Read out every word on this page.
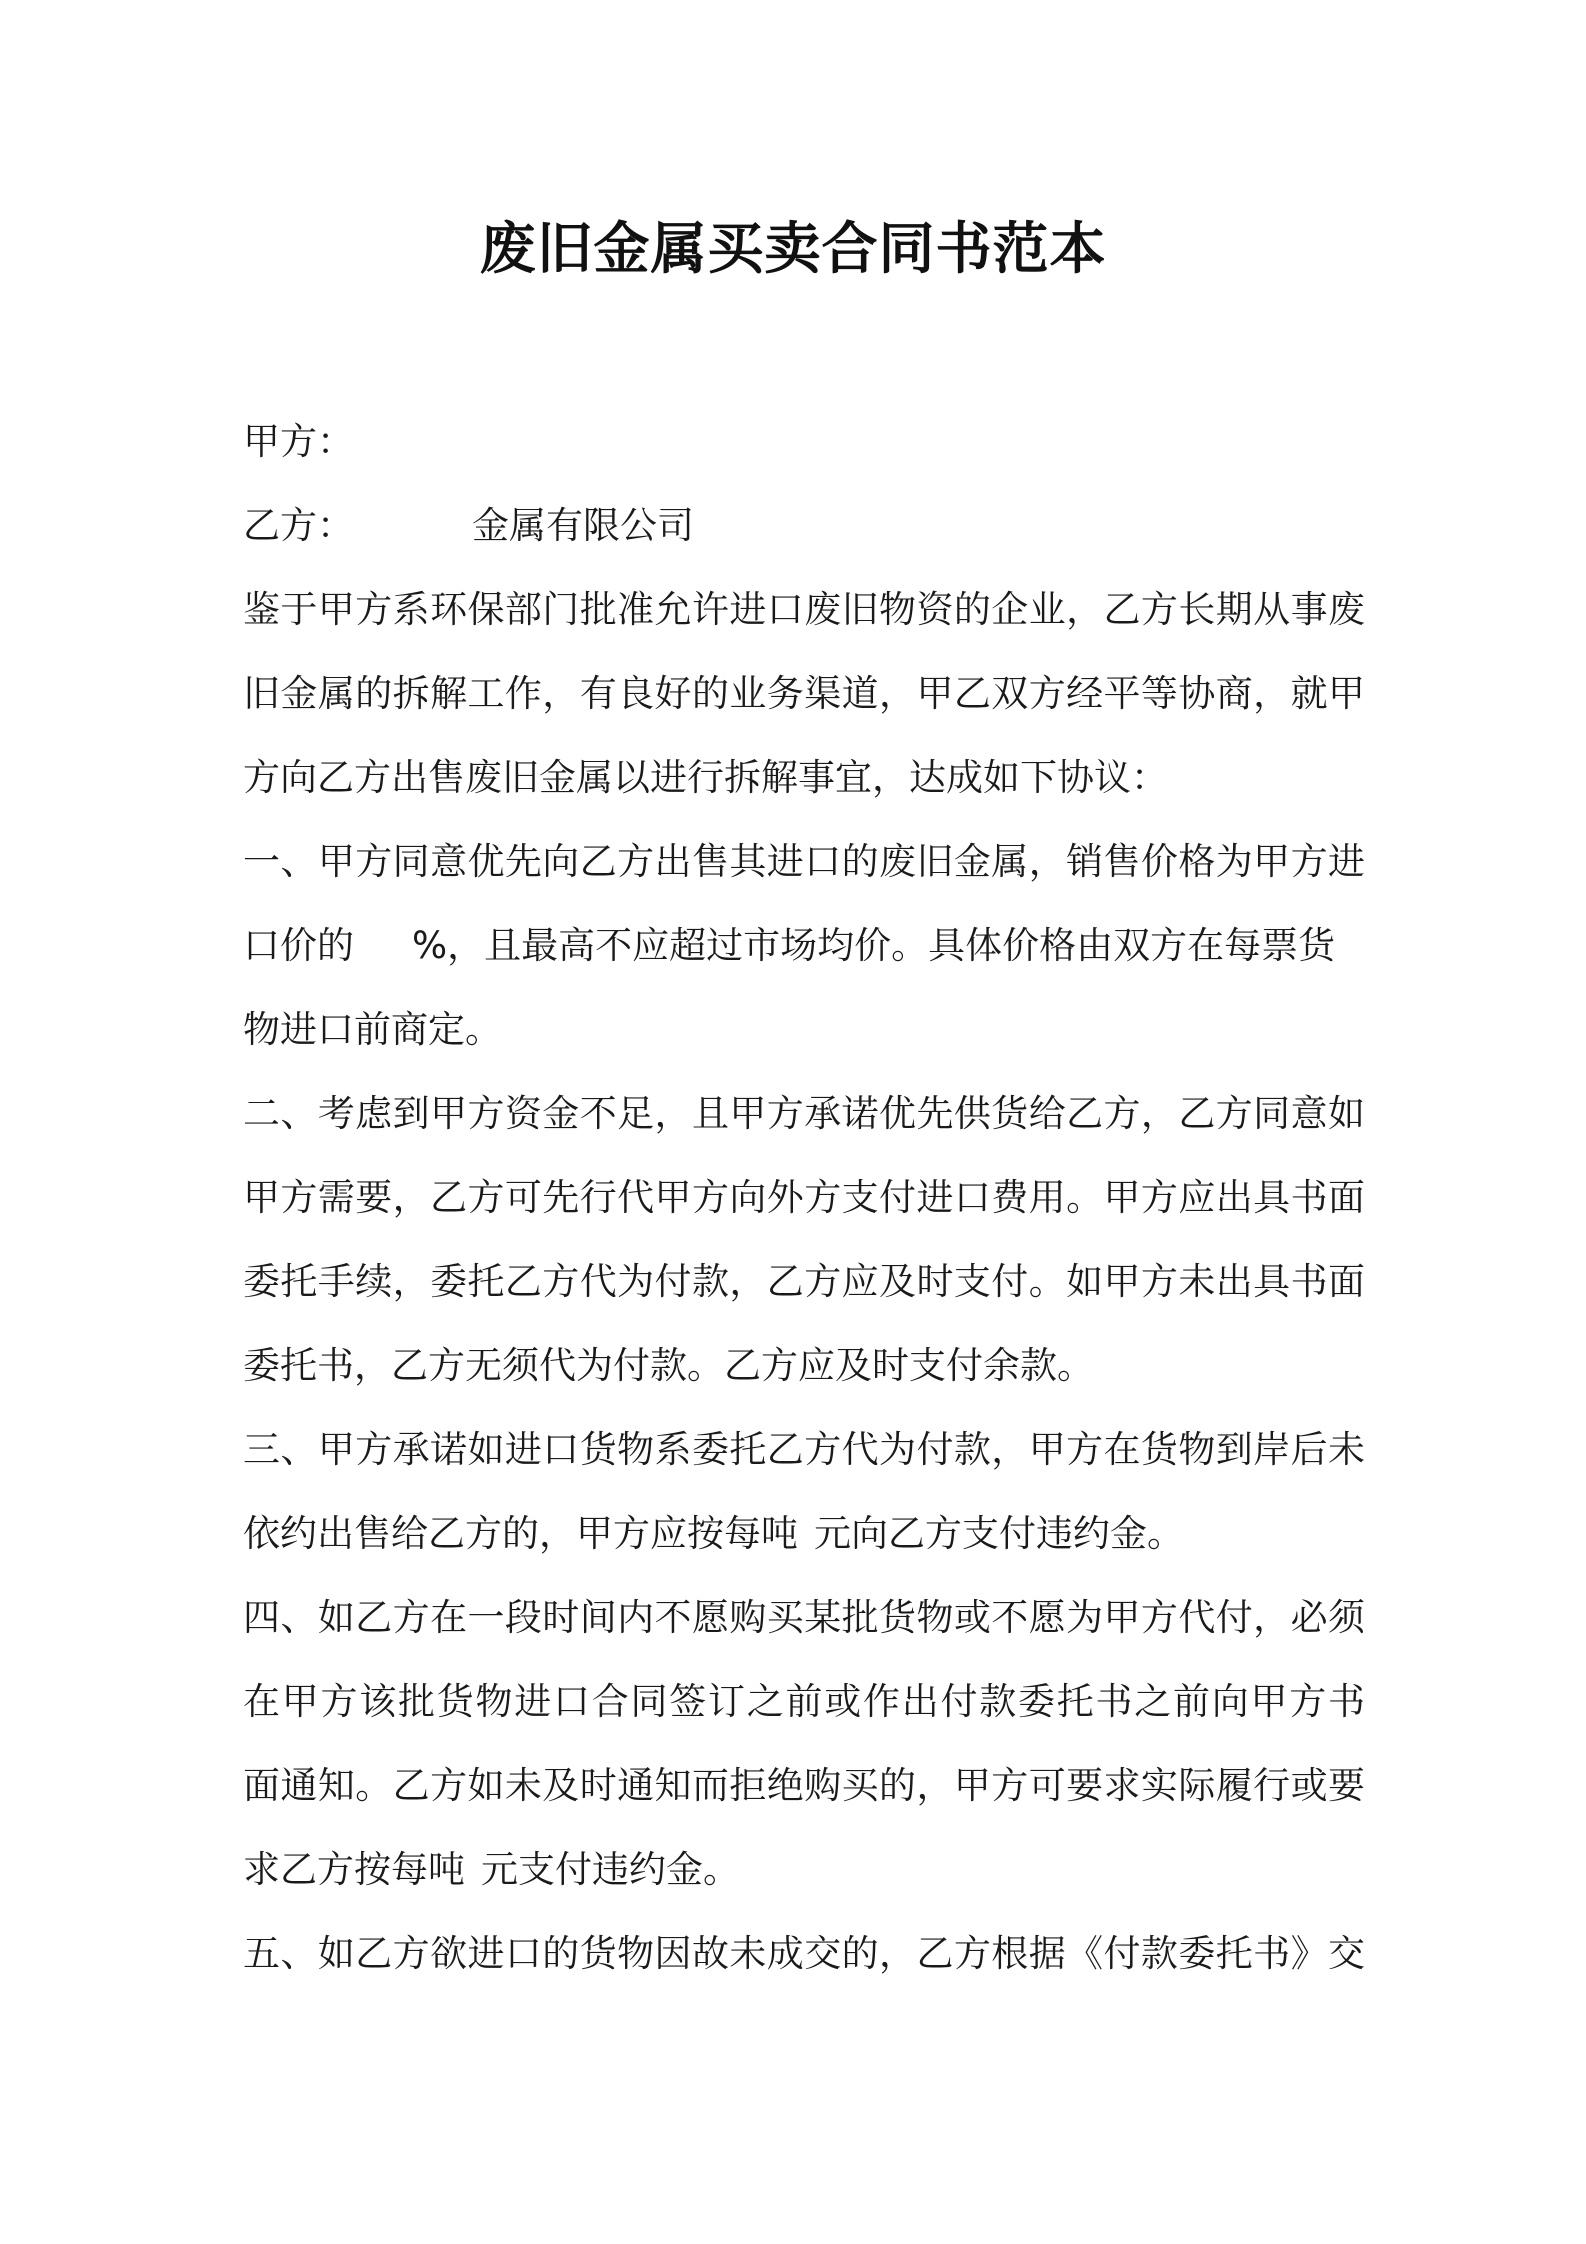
废旧金属买卖合同书范本
甲方：
乙方：	金属有限公司
鉴于甲方系环保部门批准允许进口废旧物资的企业，乙方长期从事废
旧金属的拆解工作，有良好的业务渠道，甲乙双方经平等协商，就甲
方向乙方出售废旧金属以进行拆解事宜，达成如下协议：
一、甲方同意优先向乙方出售其进口的废旧金属，销售价格为甲方进
口价的 %，且最高不应超过市场均价。具体价格由双方在每票货
物进口前商定。
二、考虑到甲方资金不足，且甲方承诺优先供货给乙方，乙方同意如
甲方需要，乙方可先行代甲方向外方支付进口费用。甲方应出具书面
委托手续，委托乙方代为付款，乙方应及时支付。如甲方未出具书面
委托书，乙方无须代为付款。乙方应及时支付余款。
三、甲方承诺如进口货物系委托乙方代为付款，甲方在货物到岸后未
依约出售给乙方的，甲方应按每吨 元向乙方支付违约金。
四、如乙方在一段时间内不愿购买某批货物或不愿为甲方代付，必须
在甲方该批货物进口合同签订之前或作出付款委托书之前向甲方书
面通知。乙方如未及时通知而拒绝购买的，甲方可要求实际履行或要
求乙方按每吨 元支付违约金。
五、如乙方欲进口的货物因故未成交的，乙方根据《付款委托书》交
